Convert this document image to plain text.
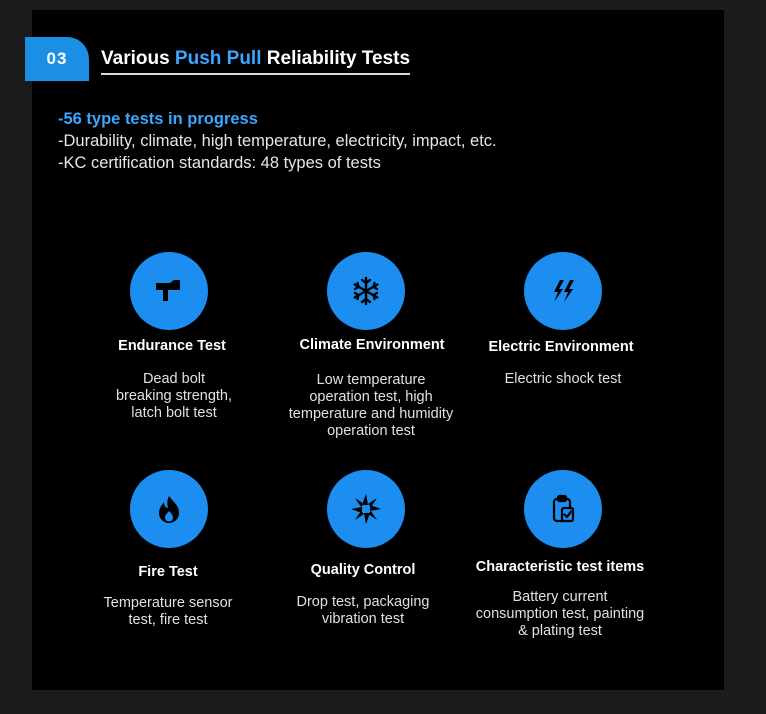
03 Various Push Pull Reliability Tests
-56 type tests in progress
-Durability, climate, high temperature, electricity, impact, etc.
-KC certification standards: 48 types of tests
Endurance Test
Dead bolt
breaking strength,
latch bolt test
Climate Environment
Low temperature
operation test, high
temperature and humidity
operation test
Electric Environment
Electric shock test
Fire Test
Temperature sensor
test, fire test
Quality Control
Drop test, packaging
vibration test
Characteristic test items
Battery current
consumption test, painting
& plating test
